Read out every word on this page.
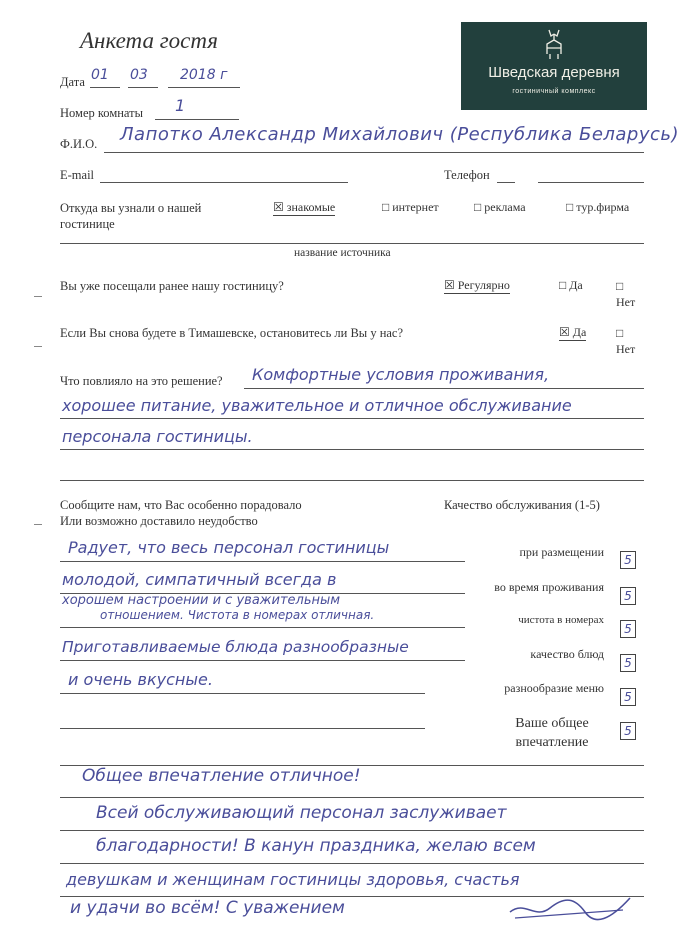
Анкета гостя
Шведская деревня
гостиничный комплекс
Дата 01 03 2018 г
Номер комнаты 1
Ф.И.О. Лапотко Александр Михайлович (Республика Беларусь)
E-mail	Телефон
Откуда вы узнали о нашей гостинице
☒ знакомые	□ интернет	□ реклама	□ тур.фирма
название источника
Вы уже посещали ранее нашу гостиницу?	☒ Регулярно	□ Да	□
Нет
Если Вы снова будете в Тимашевске, остановитесь ли Вы у нас?	☒ Да □
Нет
Что повлияло на это решение? Комфортные условия проживания,
хорошее питание, уважительное и отличное обслуживание
персонала гостиницы.
Сообщите нам, что Вас особенно порадовало
Или возможно доставило неудобство
Качество обслуживания (1-5)
Радует, что весь персонал гостиницы
молодой, симпатичный всегда в
хорошем настроении и с уважительным
отношением. Чистота в номерах отличная.
Приготавливаемые блюда разнообразные
и очень вкусные.
при размещении
5
во время проживания
5
чистота в номерах
5
качество блюд
5
разнообразие меню
5
Ваше общее впечатление
5
Общее впечатление отличное!
Всей обслуживающий персонал заслуживает
благодарности! В канун праздника, желаю всем
девушкам и женщинам гостиницы здоровья, счастья
и удачи во всём! С уважением
